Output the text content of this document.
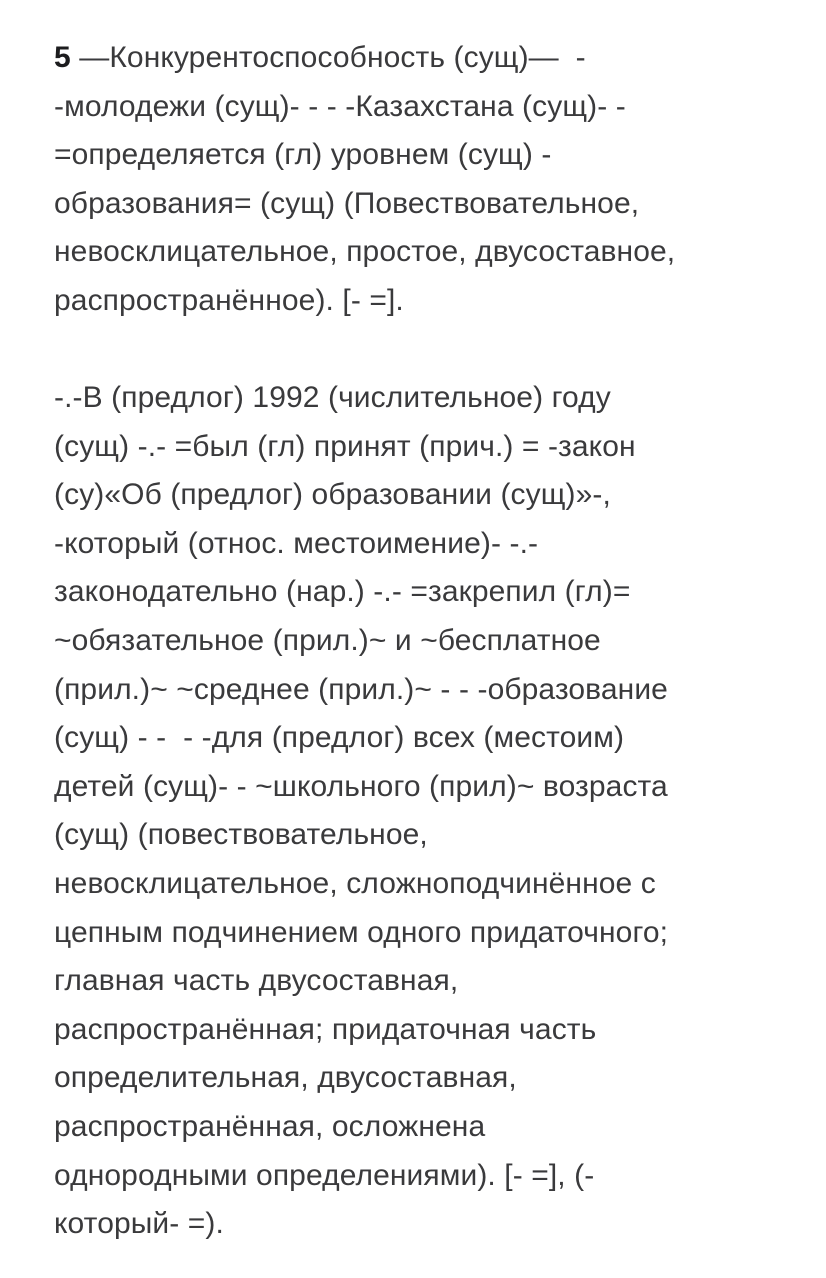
5 —Конкурентоспособность (сущ)—  -
-молодежи (сущ)- - - -Казахстана (сущ)- -
=определяется (гл) уровнем (сущ) -
образования= (сущ) (Повествовательное,
невосклицательное, простое, двусоставное,
распространённое). [- =].
-.-В (предлог) 1992 (числительное) году
(сущ) -.- =был (гл) принят (прич.) = -закон
(су)«Об (предлог) образовании (сущ)»-,
-который (относ. местоимение)- -.-
законодательно (нар.) -.- =закрепил (гл)=
~обязательное (прил.)~ и ~бесплатное
(прил.)~ ~среднее (прил.)~ - - -образование
(сущ) - -  - -для (предлог) всех (местоим)
детей (сущ)- - ~школьного (прил)~ возраста
(сущ) (повествовательное,
невосклицательное, сложноподчинённое с
цепным подчинением одного придаточного;
главная часть двусоставная,
распространённая; придаточная часть
определительная, двусоставная,
распространённая, осложнена
однородными определениями). [- =], (-
который- =).
